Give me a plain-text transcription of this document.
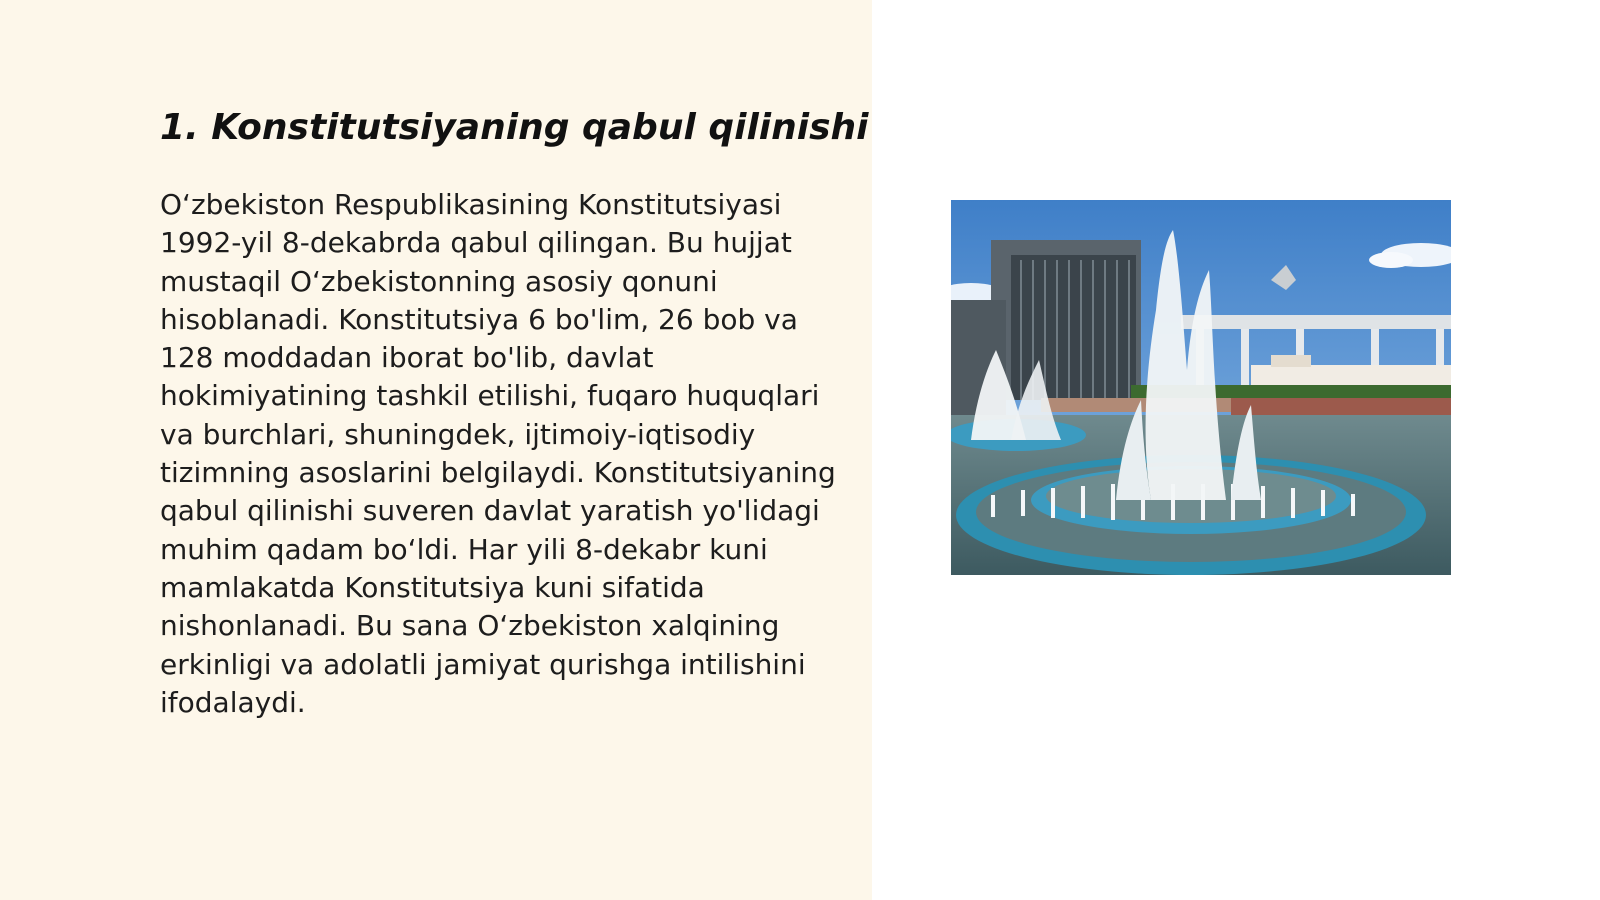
1. Konstitutsiyaning qabul qilinishi

O‘zbekiston Respublikasining Konstitutsiyasi 1992-yil 8-dekabrda qabul qilingan. Bu hujjat mustaqil O‘zbekistonning asosiy qonuni hisoblanadi. Konstitutsiya 6 bo'lim, 26 bob va 128 moddadan iborat bo'lib, davlat hokimiyatining tashkil etilishi, fuqaro huquqlari va burchlari, shuningdek, ijtimoiy-iqtisodiy tizimning asoslarini belgilaydi. Konstitutsiyaning qabul qilinishi suveren davlat yaratish yo'lidagi muhim qadam bo‘ldi. Har yili 8-dekabr kuni mamlakatda Konstitutsiya kuni sifatida nishonlanadi. Bu sana O‘zbekiston xalqining erkinligi va adolatli jamiyat qurishga intilishini ifodalaydi.
